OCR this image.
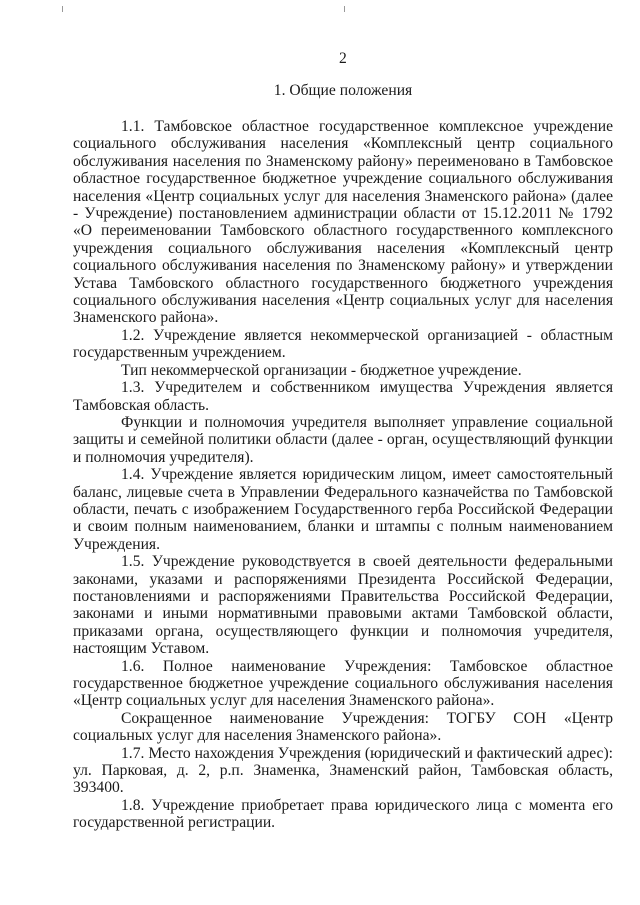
2
1. Общие положения

1.1. Тамбовское областное государственное комплексное учреждение социального обслуживания населения «Комплексный центр социального обслуживания населения по Знаменскому району» переименовано в Тамбовское областное государственное бюджетное учреждение социального обслуживания населения «Центр социальных услуг для населения Знаменского района» (далее - Учреждение) постановлением администрации области от 15.12.2011 № 1792 «О переименовании Тамбовского областного государственного комплексного учреждения социального обслуживания населения «Комплексный центр социального обслуживания населения по Знаменскому району» и утверждении Устава Тамбовского областного государственного бюджетного учреждения социального обслуживания населения «Центр социальных услуг для населения Знаменского района».

1.2. Учреждение является некоммерческой организацией - областным государственным учреждением.

Тип некоммерческой организации - бюджетное учреждение.

1.3. Учредителем и собственником имущества Учреждения является Тамбовская область.

Функции и полномочия учредителя выполняет управление социальной защиты и семейной политики области (далее - орган, осуществляющий функции и полномочия учредителя).

1.4. Учреждение является юридическим лицом, имеет самостоятельный баланс, лицевые счета в Управлении Федерального казначейства по Тамбовской области, печать с изображением Государственного герба Российской Федерации и своим полным наименованием, бланки и штампы с полным наименованием Учреждения.

1.5. Учреждение руководствуется в своей деятельности федеральными законами, указами и распоряжениями Президента Российской Федерации, постановлениями и распоряжениями Правительства Российской Федерации, законами и иными нормативными правовыми актами Тамбовской области, приказами органа, осуществляющего функции и полномочия учредителя, настоящим Уставом.

1.6. Полное наименование Учреждения: Тамбовское областное государственное бюджетное учреждение социального обслуживания населения «Центр социальных услуг для населения Знаменского района».

Сокращенное наименование Учреждения: ТОГБУ СОН «Центр социальных услуг для населения Знаменского района».

1.7. Место нахождения Учреждения (юридический и фактический адрес): ул. Парковая, д. 2, р.п. Знаменка, Знаменский район, Тамбовская область, 393400.

1.8. Учреждение приобретает права юридического лица с момента его государственной регистрации.
